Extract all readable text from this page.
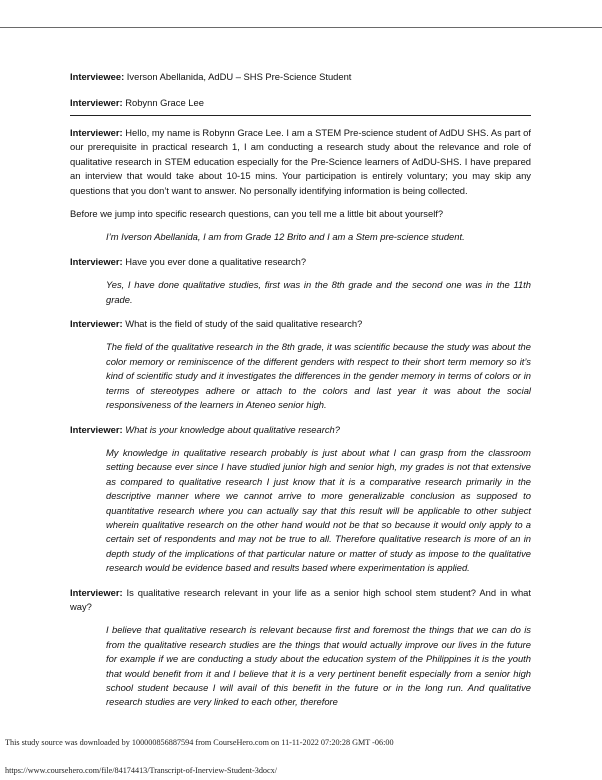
Interviewee: Iverson Abellanida, AdDU – SHS Pre-Science Student

Interviewer: Robynn Grace Lee

Interviewer: Hello, my name is Robynn Grace Lee. I am a STEM Pre-science student of AdDU SHS. As part of our prerequisite in practical research 1, I am conducting a research study about the relevance and role of qualitative research in STEM education especially for the Pre-Science learners of AdDU-SHS. I have prepared an interview that would take about 10-15 mins. Your participation is entirely voluntary; you may skip any questions that you don’t want to answer. No personally identifying information is being collected.

Before we jump into specific research questions, can you tell me a little bit about yourself?

I’m Iverson Abellanida, I am from Grade 12 Brito and I am a Stem pre-science student.

Interviewer: Have you ever done a qualitative research?

Yes, I have done qualitative studies, first was in the 8th grade and the second one was in the 11th grade.

Interviewer: What is the field of study of the said qualitative research?

The field of the qualitative research in the 8th grade, it was scientific because the study was about the color memory or reminiscence of the different genders with respect to their short term memory so it’s kind of scientific study and it investigates the differences in the gender memory in terms of colors or in terms of stereotypes adhere or attach to the colors and last year it was about the social responsiveness of the learners in Ateneo senior high.

Interviewer: What is your knowledge about qualitative research?

My knowledge in qualitative research probably is just about what I can grasp from the classroom setting because ever since I have studied junior high and senior high, my grades is not that extensive as compared to qualitative research I just know that it is a comparative research primarily in the descriptive manner where we cannot arrive to more generalizable conclusion as supposed to quantitative research where you can actually say that this result will be applicable to other subject wherein qualitative research on the other hand would not be that so because it would only apply to a certain set of respondents and may not be true to all. Therefore qualitative research is more of an in depth study of the implications of that particular nature or matter of study as impose to the qualitative research would be evidence based and results based where experimentation is applied.

Interviewer: Is qualitative research relevant in your life as a senior high school stem student? And in what way?

I believe that qualitative research is relevant because first and foremost the things that we can do is from the qualitative research studies are the things that would actually improve our lives in the future for example if we are conducting a study about the education system of the Philippines it is the youth that would benefit from it and I believe that it is a very pertinent benefit especially from a senior high school student because I will avail of this benefit in the future or in the long run. And qualitative research studies are very linked to each other, therefore

This study source was downloaded by 100000856887594 from CourseHero.com on 11-11-2022 07:20:28 GMT -06:00
https://www.coursehero.com/file/84174413/Transcript-of-Inerview-Student-3docx/
